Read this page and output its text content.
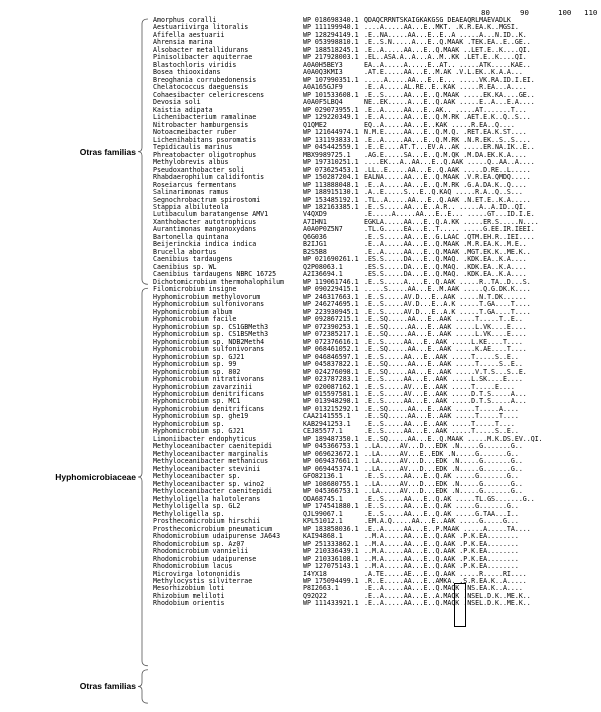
80	90	100 110
Amorphus coralli	WP 018698340.1 QDAQCRRNTSKAIGKAKGSG DEAEAQRLMAEVADLK
Aestuariivirga litoralis	WP 111199940.1 ....A.....AA...E..MKT. .K.R.EA.K..MGSI.
Afifella aestuarii	WP 128294149.1 .E..NA.....AA...E..E..A .....A...N.ID..K.
Ahrensia marina	WP 053998810.1 .E..S.N.....A...E..Q.MAAK .TEK.EA..E..GE..
Alsobacter metallidurans	WP 188518245.1 .E..A.....AA...E..Q.MAAK ..LET.E..K....QI.
Pinisolibacter aquiterrae	WP 217928003.1 .EL..ASA.A..A...A..M..KK .LET.E..K....QI.
Blastochloris viridis	A0A0H5BEY3	EA..A.....A.....E..AT.. .....ATK.....KAE..
Bosea thiooxidans	A0A0Q3KMI3	.AT.E.....AA...E..M.AK .V.L.EK..K.A.A...
Breoghania corrubedonensis	WP 107990351.1 .....A.....AA...E..E... .....VK.RA.ID.I.EI.
Chelatococcus daeguensis	A0A165GJF9	.E..A.....AL.RE..E..KAK .....R.EA...A....
Cohaesibacter celericrescens	WP 101533608.1 .E..S.....AA...E..Q.MAAK .....EK.KA....GE..
Devosia soli	A0A0F5LBQ4	NE..EK.....A...E..Q.AAK .....E..A...E.A....
Kaistia adipata	WP 029073955.1 .E..A.....AA...E..AK.. .....AT.......T...
Lichenibacterium ramalinae	WP 129220349.1 .E..A.....AA...E..Q.M.RK .AET.E.K..Q..S...
Nitrobacter hamburgensis	Q1QME2	EQ..A.....AA...E..KAK .....R.EA..Q....
Notoacmeibacter ruber	WP 121644974.1 N.M.E.....AA...E..Q.M.Q. .RET.EA.K.ST....
Lichenihabitans psoromatis	WP 131193833.1 .E..A.....AA...E..Q.M.RK .N.R.EK..S..S....
Tepidicaulis marinus	WP 045442559.1 .E..E....AT.T...EV.A..AK .....ER.NA.IK..E..
Phreatobacter oligotrophus	MBX9989725.1 .AG.E.....SA...E..Q.M.QK .M.DA.EK.K.A....
Methylobrevis albus	WP 197310251.1 ....EK...A..AA...E..Q.AAK .....Q..AA..A....
Pseudoxanthobacter soli	WP 073625453.1 .LL..E.....AA...E..Q.AAK .....D.RE..L.....
Rhabdaerophilum calidifontis	WP 150287204.1 EALNA.....AA...E..Q.MAAK .V.R.EA.QMDQ.....
Roseiarcus fermentans	WP 113888048.1 .E..A.....AA...E..Q.M.RK .G.A.DA.K..Q....
Salinarimonas ramus	WP 188915130.1 .A..E.....S...E..Q.KAQ .....R.A..Q..S...
Segnochrobactrum spirostomi	WP 153485192.1 .TL..A.....AA...E..Q.AAK .N.ET.E..K.A.....
Stappia albiluteola	WP 182163385.1 .E..S.....AA...E..A.R.. .....A..A.ID..QI.
Lutibaculum baratangense AMV1	V4QXD9	.E.....A.....AA...E..E... .....GT...ID.I.E.
Xanthobacter autotrophicus	A7IHN1	EGKLA.....AA...E..Q.A.KK .....ER.S.....N....
Aurantimonas manganoxydans	A0A0P0Z5N7	.TL.G.....EA...E..T..... .....G.EE.IR.IEEI.
Bartonella quintana	Q6G036	.E..S.....AA...E..G.LAAC .QTM.EH.R..IEI....
Beijerinckia indica indica	B2IJG1	.E..A.....AA...E..Q.MAAK .M.R.EA.K..M.E..
Brucella abortus	B2S5B8	.E..A.....AA...E..Q.MAAK .MGT.EK.K..ME.K..
Caenibius tardaugens	WP 021690261.1 .ES.S.....DA...E..Q.MAQ. .KDK.EA..K.A....
Caenibius sp. WL	Q2P08063.1	.ES.S.....DA...E..Q.MAQ. .KDK.EA..K.A....
Caenibius tardaugens NBRC 16725	A2I36694.1	.ES.S.....DA...E..Q.MAQ. .KDK.EA..K.A....
Dichotomicrobium thermohalophilum	WP 119061746.1 .E..S.....A....E..Q.AAK .....R..TA..D...S.
Filomicrobium insigne	WP 090229415.1 .....S.....AA...E..M.AAK .....Q.G.DK.K....
Hyphomicrobium methylovorum	WP 246317663.1 .E..S.....AV.D...E..AAK .....N.T.DK......
Hyphomicrobium sulfonivorans	WP 246274695.1 .E..S.....AV.D...E..A.K .....T.GA....T....
Hyphomicrobium album	WP 223930945.1 .E..S.....AV.D...E..A.K .....T.GA....T....
Hyphomicrobium facile	WP 092867215.1 .E..SQ.....AA...E..AAK .....T.....T..E..
Hyphomicrobium sp. CS1GBMeth3	WP 072390253.1 .E..SQ.....AA...E..AAK .....L.VK....E....
Hyphomicrobium sp. CS1BSMeth3	WP 072385217.1 .E..SQ.....AA...E..AAK .....L.VK....E....
Hyphomicrobium sp. NDB2Meth4	WP 072376616.1 .E..S.....AA...E..AAK .....L.KE....T....
Hyphomicrobium sulfonivorans	WP 068461052.1 .E..SQ.....AA...E..AAK .....K.AE....T....
Hyphomicrobium sp. GJ21	WP 046846597.1 .E..S.....AA...E..AAK .....T.....S..E..
Hyphomicrobium sp. 99	WP 045837822.1 .E..SQ.....AA...E..AAK .....T.....S..E..
Hyphomicrobium sp. 802	WP 024276098.1 .E..SQ.....AA...E..AAK .....V.T.S...S..E.
Hyphomicrobium nitrativorans	WP 023787283.1 .E..S.....AA...E..AAK .....L.SK....E....
Hyphomicrobium zavarzinii	WP 020087162.1 .E..S.....AV...E..AAK .....T.....E....
Hyphomicrobium denitrificans	WP 015597581.1 .E..S.....AV...E..AAK .....D.T.S.....A...
Hyphomicrobium sp. MC1	WP 013948298.1 .E..S.....AA...E..AAK .....D.T.S.....A...
Hyphomicrobium denitrificans	WP 013215292.1 .E..SQ.....AA...E..AAK .....T.....A....
Hyphomicrobium sp. ghe19	CAA2141555.1 .E..SQ.....AA...E..AAK .....T.....T....
Hyphomicrobium sp.	KAB2941253.1 .E..S.....AA...E..AAK .....T.....T....
Hyphomicrobium sp. GJ21	CEJ85577.1	.E..S.....AA...E..AAK .....T.....S..E..
Limoniibacter endophyticus	WP 189487350.1 .E..SQ.....AA...E..Q.MAAK .....M.K.DS.EV..QI.
Methyloceanibacter caenitepidi	WP 045366753.1 ..LA.....AV...D...EDK .N.....G.......G..
Methyloceanibacter marginalis	WP 069623672.1 ..LA.....AV...E..EDK .N.....G.......G..
Methyloceanibacter methanicus	WP 069437661.1 ..LA.....AV...D...EDK .N.....G.......G..
Methyloceanibacter stevinii	WP 069445374.1 ..LA.....AV...D...EDK .N.....G.......G..
Methyloceanibacter sp.	GFO82136.1	.E..S.....AA...E..Q.AK .....G.......G..
Methyloceanibacter sp. wino2	WP 108680755.1 ..LA.....AV...D...EDK .N.....G.......G..
Methyloceanibacter caenitepidi	WP 045366753.1 ..LA.....AV...D...EDK .N.....G.......G..
Methyloligella halotolerans	ODA68745.1	.E..S.....AA...E..Q.AK .....TL.GS.......G..
Methyloligella sp. GL2	WP 174541880.1 .E..S.....AA...E..Q.AK .....G.......G..
Methyloligella sp.	QJL99067.1	.E..S.....AA...E..Q.AK .....G.TAA...I..
Prosthecomicrobium hirschii	KPL51012.1	.EM.A.Q.....AA...E..AAK .....G.....G...
Prosthecomicrobium pneumaticum	WP 183858036.1 .E..A.....AA...E..P.MAAK .....A.....TA....
Rhodomicrobium udaipurense JA643	KAI94868.1	..M.A.....AA...E..Q.AAK .P.K.EA........
Rhodomicrobium sp. Az07	WP 251333862.1 ..M.A.....AA...E..Q.AAK .P.K.EA........
Rhodomicrobium vannielii	WP 210336439.1 ..M.A.....AA...E..Q.AAK .P.K.EA........
Rhodomicrobium udaipurense	WP 210336108.1 ..M.A.....AA...E..Q.AAK .P.K.EA........
Rhodomicrobium lacus	WP 127075143.1 ..M.A.....AA...E..Q.AAK .P.K.EA........
Microvirga lotononidis	I4YX18	.A.TE.....AE...E..Q.AAK .....R.....RI....
Methylocystis silviterrae	WP 175094499.1 .R..E.....AA...E..AMKA. .S.R.EA.K..A.....
Mesorhizobium loti	P8I2663.1	.E..A.....AA...E..Q.MAQK .NS.EA.K..A....
Rhizobium meliloti	Q92Q22	.E..A.....AA...E..A.MAQK .NSEL.D.K..ME.K..
Rhodobium orientis	WP 111433921.1 .E..A.....AA...E..Q.MAQK .NSEL.D.K..ME.K..
Otras familias
Hyphomicrobiaceae
Otras familias
